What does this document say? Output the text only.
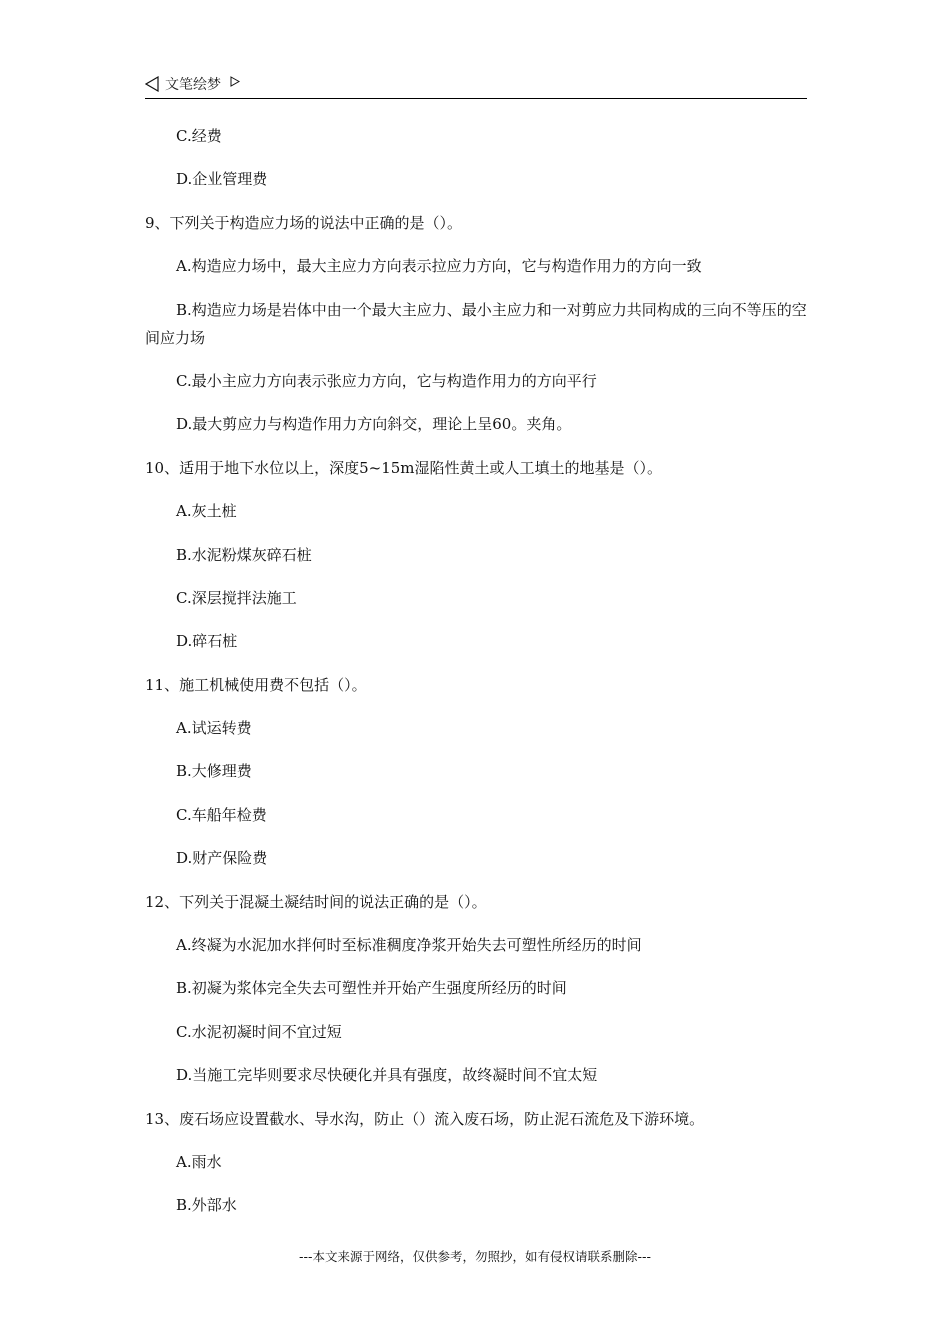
文笔绘梦
C.经费
D.企业管理费
9、下列关于构造应力场的说法中正确的是（）。
A.构造应力场中，最大主应力方向表示拉应力方向，它与构造作用力的方向一致
B.构造应力场是岩体中由一个最大主应力、最小主应力和一对剪应力共同构成的三向不等压的空间应力场
C.最小主应力方向表示张应力方向，它与构造作用力的方向平行
D.最大剪应力与构造作用力方向斜交，理论上呈60。夹角。
10、适用于地下水位以上，深度5~15m湿陷性黄土或人工填土的地基是（）。
A.灰土桩
B.水泥粉煤灰碎石桩
C.深层搅拌法施工
D.碎石桩
11、施工机械使用费不包括（）。
A.试运转费
B.大修理费
C.车船年检费
D.财产保险费
12、下列关于混凝土凝结时间的说法正确的是（）。
A.终凝为水泥加水拌何时至标准稠度净浆开始失去可塑性所经历的时间
B.初凝为浆体完全失去可塑性并开始产生强度所经历的时间
C.水泥初凝时间不宜过短
D.当施工完毕则要求尽快硬化并具有强度，故终凝时间不宜太短
13、废石场应设置截水、导水沟，防止（）流入废石场，防止泥石流危及下游环境。
A.雨水
B.外部水
---本文来源于网络，仅供参考，勿照抄，如有侵权请联系删除---
